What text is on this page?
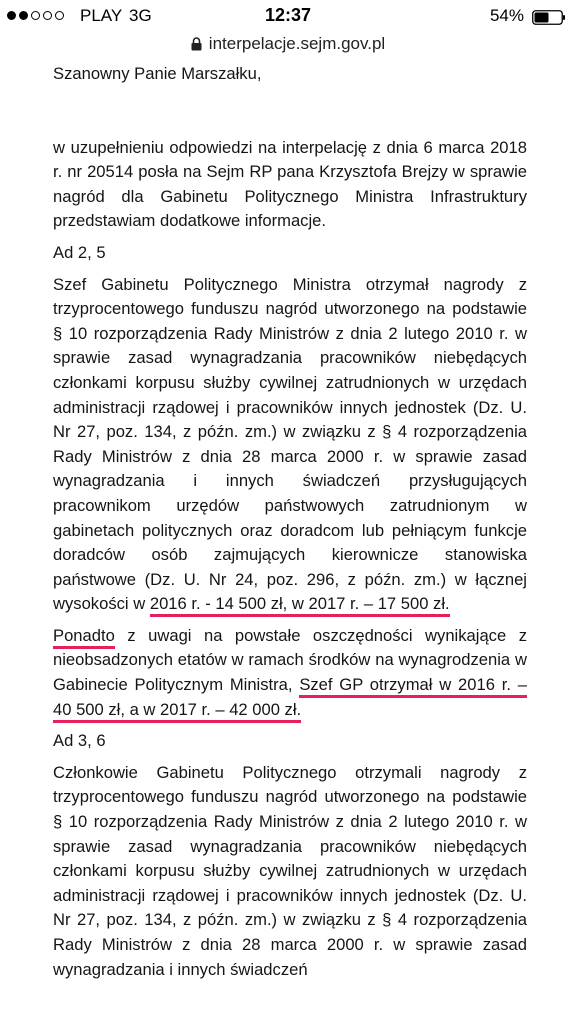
PLAY 3G	12:37	54%
interpelacje.sejm.gov.pl

Szanowny Panie Marszałku,

w uzupełnieniu odpowiedzi na interpelację z dnia 6 marca 2018 r. nr 20514 posła na Sejm RP pana Krzysztofa Brejzy w sprawie nagród dla Gabinetu Politycznego Ministra Infrastruktury przedstawiam dodatkowe informacje.

Ad 2, 5

Szef Gabinetu Politycznego Ministra otrzymał nagrody z trzyprocentowego funduszu nagród utworzonego na podstawie § 10 rozporządzenia Rady Ministrów z dnia 2 lutego 2010 r. w sprawie zasad wynagradzania pracowników niebędących członkami korpusu służby cywilnej zatrudnionych w urzędach administracji rządowej i pracowników innych jednostek (Dz. U. Nr 27, poz. 134, z późn. zm.) w związku z § 4 rozporządzenia Rady Ministrów z dnia 28 marca 2000 r. w sprawie zasad wynagradzania i innych świadczeń przysługujących pracownikom urzędów państwowych zatrudnionym w gabinetach politycznych oraz doradcom lub pełniącym funkcje doradców osób zajmujących kierownicze stanowiska państwowe (Dz. U. Nr 24, poz. 296, z późn. zm.) w łącznej wysokości w 2016 r. - 14 500 zł, w 2017 r. – 17 500 zł.

Ponadto z uwagi na powstałe oszczędności wynikające z nieobsadzonych etatów w ramach środków na wynagrodzenia w Gabinecie Politycznym Ministra, Szef GP otrzymał w 2016 r. – 40 500 zł, a w 2017 r. – 42 000 zł.

Ad 3, 6

Członkowie Gabinetu Politycznego otrzymali nagrody z trzyprocentowego funduszu nagród utworzonego na podstawie § 10 rozporządzenia Rady Ministrów z dnia 2 lutego 2010 r. w sprawie zasad wynagradzania pracowników niebędących członkami korpusu służby cywilnej zatrudnionych w urzędach administracji rządowej i pracowników innych jednostek (Dz. U. Nr 27, poz. 134, z późn. zm.) w związku z § 4 rozporządzenia Rady Ministrów z dnia 28 marca 2000 r. w sprawie zasad wynagradzania i innych świadczeń
